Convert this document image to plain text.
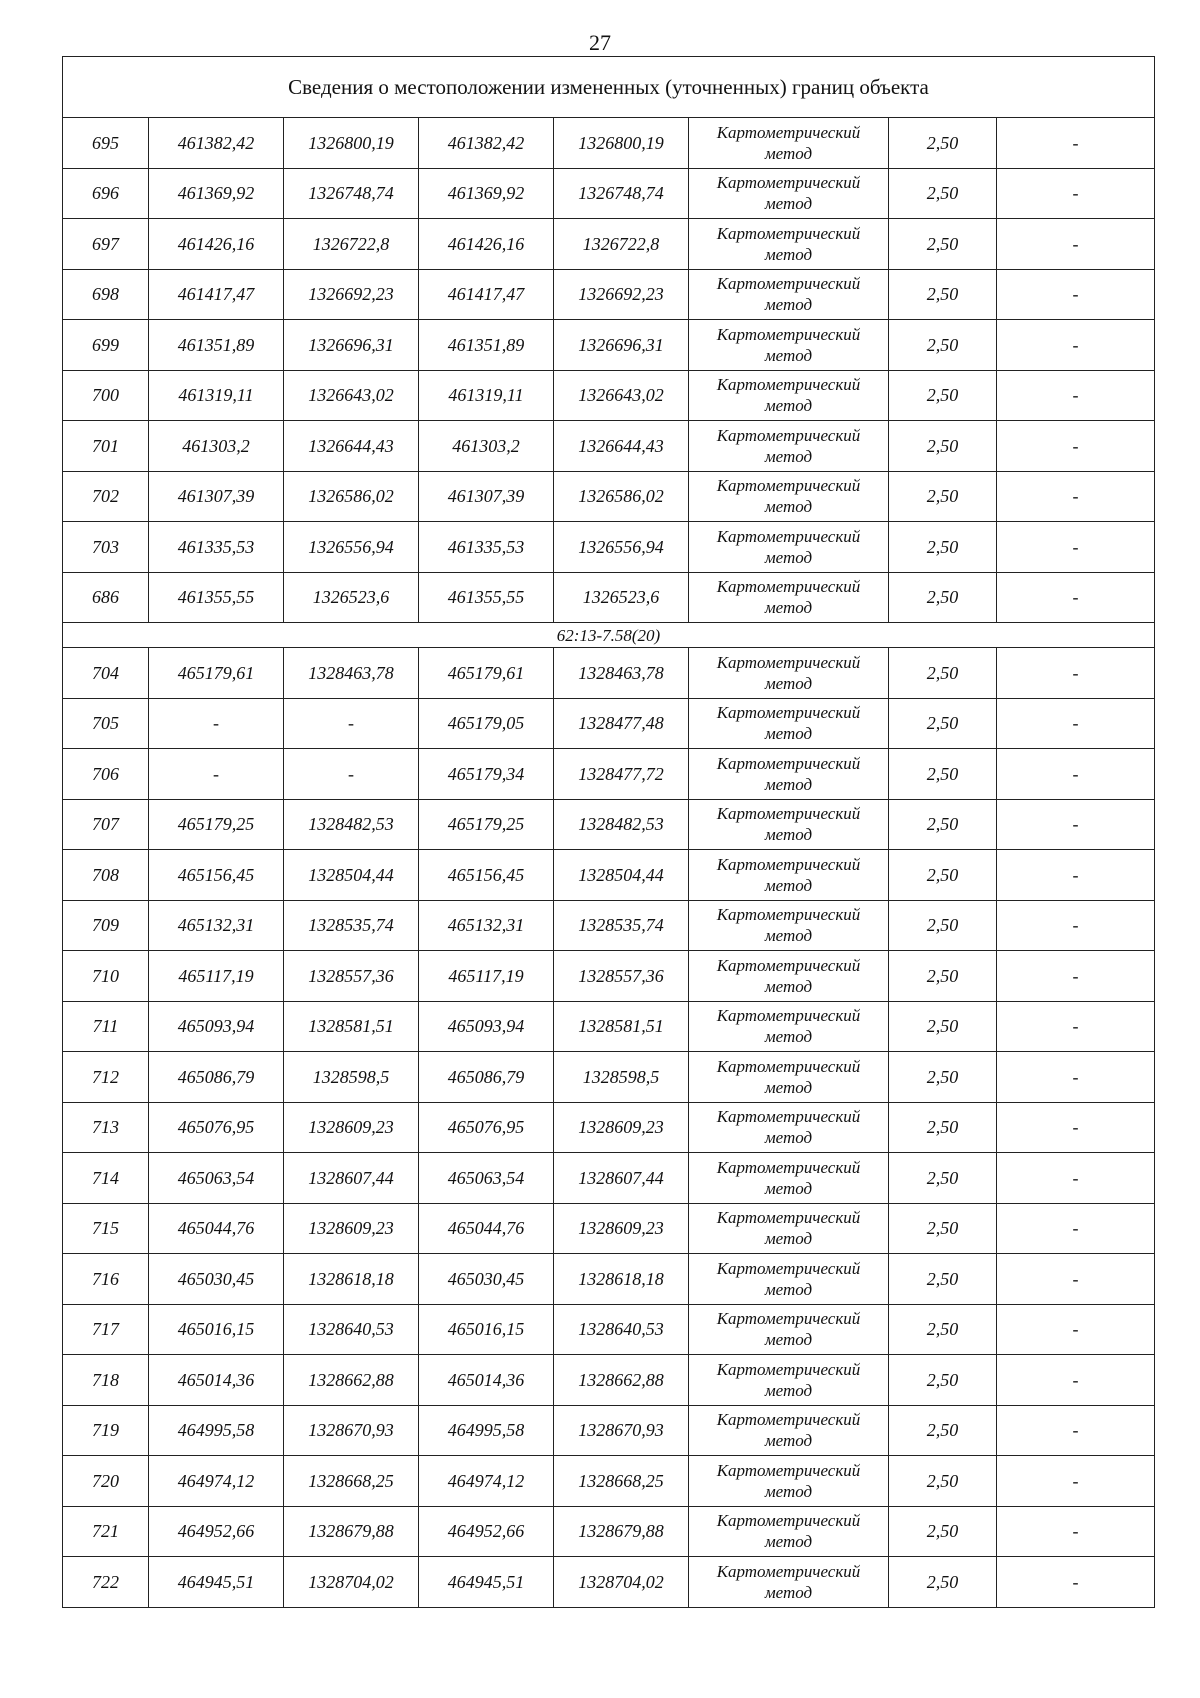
27
Сведения о местоположении измененных (уточненных) границ объекта							
695	461382,42	1326800,19	461382,42	1326800,19	Картометрический
метод	2,50	-
696	461369,92	1326748,74	461369,92	1326748,74	Картометрический
метод	2,50	-
697	461426,16	1326722,8	461426,16	1326722,8	Картометрический
метод	2,50	-
698	461417,47	1326692,23	461417,47	1326692,23	Картометрический
метод	2,50	-
699	461351,89	1326696,31	461351,89	1326696,31	Картометрический
метод	2,50	-
700	461319,11	1326643,02	461319,11	1326643,02	Картометрический
метод	2,50	-
701	461303,2	1326644,43	461303,2	1326644,43	Картометрический
метод	2,50	-
702	461307,39	1326586,02	461307,39	1326586,02	Картометрический
метод	2,50	-
703	461335,53	1326556,94	461335,53	1326556,94	Картометрический
метод	2,50	-
686	461355,55	1326523,6	461355,55	1326523,6	Картометрический
метод	2,50	-
62:13-7.58(20)							
704	465179,61	1328463,78	465179,61	1328463,78	Картометрический
метод	2,50	-
705	-	-	465179,05	1328477,48	Картометрический
метод	2,50	-
706	-	-	465179,34	1328477,72	Картометрический
метод	2,50	-
707	465179,25	1328482,53	465179,25	1328482,53	Картометрический
метод	2,50	-
708	465156,45	1328504,44	465156,45	1328504,44	Картометрический
метод	2,50	-
709	465132,31	1328535,74	465132,31	1328535,74	Картометрический
метод	2,50	-
710	465117,19	1328557,36	465117,19	1328557,36	Картометрический
метод	2,50	-
711	465093,94	1328581,51	465093,94	1328581,51	Картометрический
метод	2,50	-
712	465086,79	1328598,5	465086,79	1328598,5	Картометрический
метод	2,50	-
713	465076,95	1328609,23	465076,95	1328609,23	Картометрический
метод	2,50	-
714	465063,54	1328607,44	465063,54	1328607,44	Картометрический
метод	2,50	-
715	465044,76	1328609,23	465044,76	1328609,23	Картометрический
метод	2,50	-
716	465030,45	1328618,18	465030,45	1328618,18	Картометрический
метод	2,50	-
717	465016,15	1328640,53	465016,15	1328640,53	Картометрический
метод	2,50	-
718	465014,36	1328662,88	465014,36	1328662,88	Картометрический
метод	2,50	-
719	464995,58	1328670,93	464995,58	1328670,93	Картометрический
метод	2,50	-
720	464974,12	1328668,25	464974,12	1328668,25	Картометрический
метод	2,50	-
721	464952,66	1328679,88	464952,66	1328679,88	Картометрический
метод	2,50	-
722	464945,51	1328704,02	464945,51	1328704,02	Картометрический
метод	2,50	-
